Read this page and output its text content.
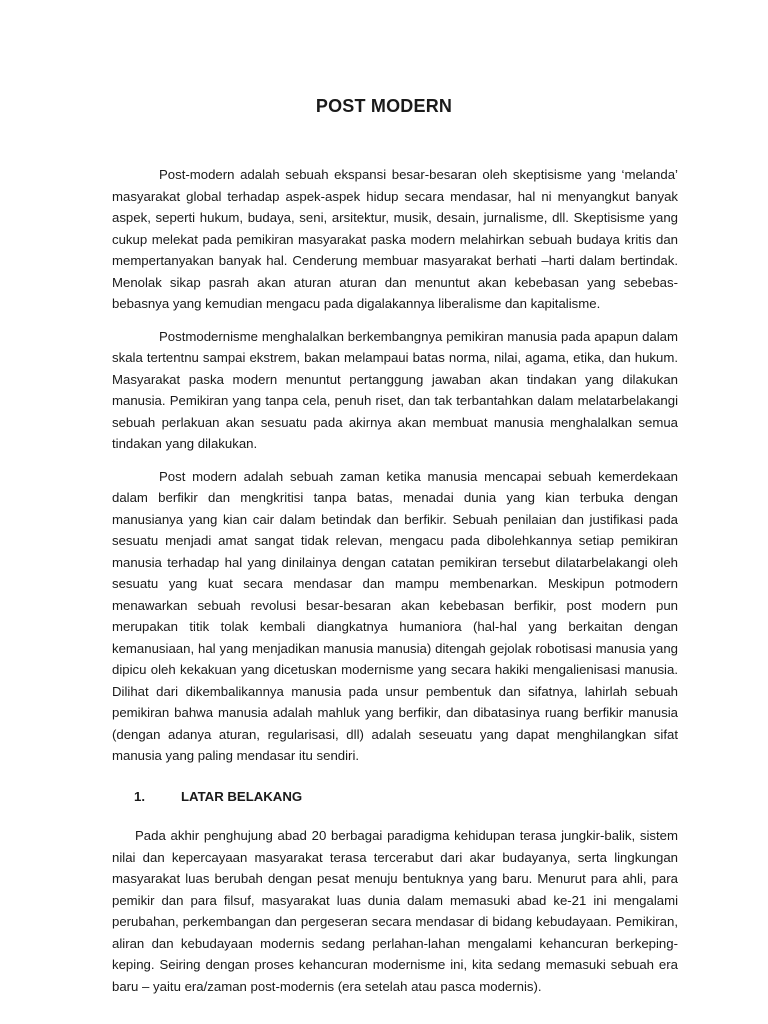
POST MODERN

Post-modern adalah sebuah ekspansi besar-besaran oleh skeptisisme yang ‘melanda’ masyarakat global terhadap aspek-aspek hidup secara mendasar, hal ni menyangkut banyak aspek, seperti hukum, budaya, seni, arsitektur, musik, desain, jurnalisme, dll. Skeptisisme yang cukup melekat pada pemikiran masyarakat paska modern melahirkan sebuah budaya kritis dan mempertanyakan banyak hal. Cenderung membuar masyarakat berhati –harti dalam bertindak. Menolak sikap pasrah akan aturan aturan dan menuntut akan kebebasan yang sebebas-bebasnya yang kemudian mengacu pada digalakannya liberalisme dan kapitalisme.

Postmodernisme menghalalkan berkembangnya pemikiran manusia pada apapun dalam skala tertentnu sampai ekstrem, bakan melampaui batas norma, nilai, agama, etika, dan hukum. Masyarakat paska modern menuntut pertanggung jawaban akan tindakan yang dilakukan manusia. Pemikiran yang tanpa cela, penuh riset, dan tak terbantahkan dalam melatarbelakangi sebuah perlakuan akan sesuatu pada akirnya akan membuat manusia menghalalkan semua tindakan yang dilakukan.

Post modern adalah sebuah zaman ketika manusia mencapai sebuah kemerdekaan dalam berfikir dan mengkritisi tanpa batas, menadai dunia yang kian terbuka dengan manusianya yang kian cair dalam betindak dan berfikir. Sebuah penilaian dan justifikasi pada sesuatu menjadi amat sangat tidak relevan, mengacu pada dibolehkannya setiap pemikiran manusia terhadap hal yang dinilainya dengan catatan pemikiran tersebut dilatarbelakangi oleh sesuatu yang kuat secara mendasar dan mampu membenarkan. Meskipun potmodern menawarkan sebuah revolusi besar-besaran akan kebebasan berfikir, post modern pun merupakan titik tolak kembali diangkatnya humaniora (hal-hal yang berkaitan dengan kemanusiaan, hal yang menjadikan manusia manusia) ditengah gejolak robotisasi manusia yang dipicu oleh kekakuan yang dicetuskan modernisme yang secara hakiki mengalienisasi manusia. Dilihat dari dikembalikannya manusia pada unsur pembentuk dan sifatnya, lahirlah sebuah pemikiran bahwa manusia adalah mahluk yang berfikir, dan dibatasinya ruang berfikir manusia (dengan adanya aturan, regularisasi, dll) adalah seseuatu yang dapat menghilangkan sifat manusia yang paling mendasar itu sendiri.

1.	LATAR BELAKANG

Pada akhir penghujung abad 20 berbagai paradigma kehidupan terasa jungkir-balik, sistem nilai dan kepercayaan masyarakat terasa tercerabut dari akar budayanya, serta lingkungan masyarakat luas berubah dengan pesat menuju bentuknya yang baru. Menurut para ahli, para pemikir dan para filsuf, masyarakat luas dunia dalam memasuki abad ke-21 ini mengalami perubahan, perkembangan dan pergeseran secara mendasar di bidang kebudayaan. Pemikiran, aliran dan kebudayaan modernis sedang perlahan-lahan mengalami kehancuran berkeping-keping. Seiring dengan proses kehancuran modernisme ini, kita sedang memasuki sebuah era baru – yaitu era/zaman post-modernis (era setelah atau pasca modernis).
